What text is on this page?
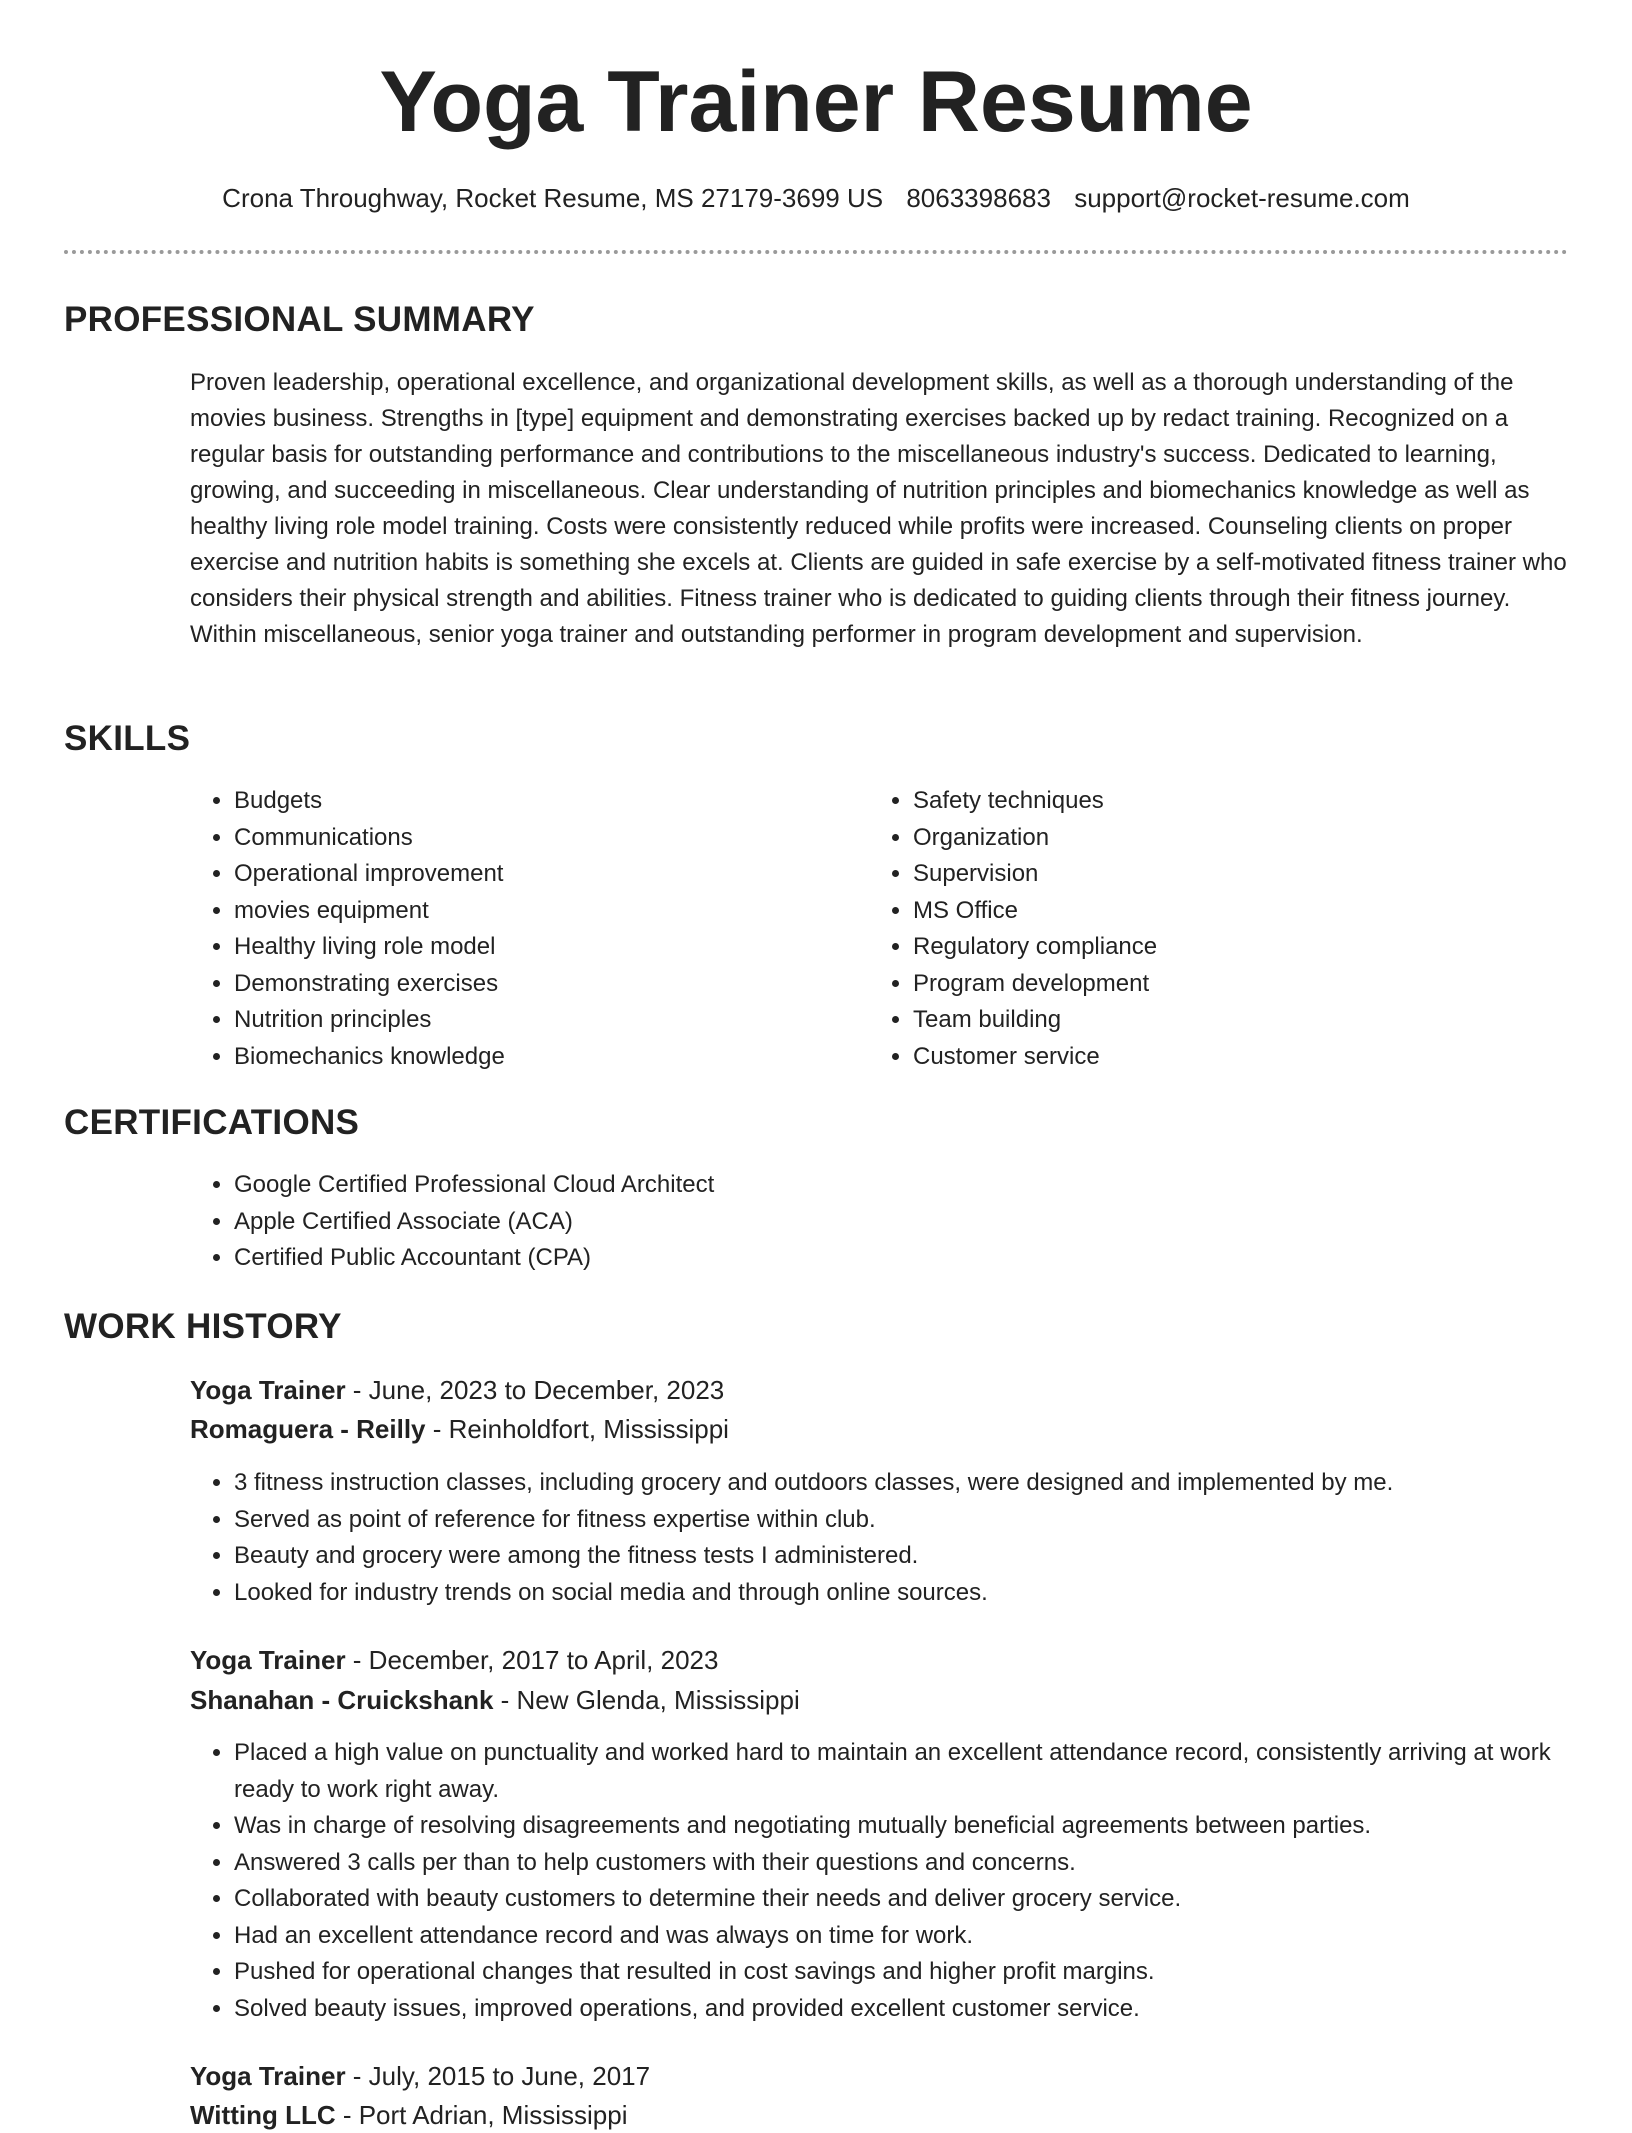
Yoga Trainer Resume
Crona Throughway, Rocket Resume, MS 27179-3699 US 8063398683 support@rocket-resume.com
PROFESSIONAL SUMMARY

Proven leadership, operational excellence, and organizational development skills, as well as a thorough understanding of the movies business. Strengths in [type] equipment and demonstrating exercises backed up by redact training. Recognized on a regular basis for outstanding performance and contributions to the miscellaneous industry's success. Dedicated to learning, growing, and succeeding in miscellaneous. Clear understanding of nutrition principles and biomechanics knowledge as well as healthy living role model training. Costs were consistently reduced while profits were increased. Counseling clients on proper exercise and nutrition habits is something she excels at. Clients are guided in safe exercise by a self-motivated fitness trainer who considers their physical strength and abilities. Fitness trainer who is dedicated to guiding clients through their fitness journey. Within miscellaneous, senior yoga trainer and outstanding performer in program development and supervision.

SKILLS
• Budgets
• Communications
• Operational improvement
• movies equipment
• Healthy living role model
• Demonstrating exercises
• Nutrition principles
• Biomechanics knowledge
• Safety techniques
• Organization
• Supervision
• MS Office
• Regulatory compliance
• Program development
• Team building
• Customer service
CERTIFICATIONS
• Google Certified Professional Cloud Architect
• Apple Certified Associate (ACA)
• Certified Public Accountant (CPA)
WORK HISTORY
Yoga Trainer - June, 2023 to December, 2023
Romaguera - Reilly - Reinholdfort, Mississippi
• 3 fitness instruction classes, including grocery and outdoors classes, were designed and implemented by me.
• Served as point of reference for fitness expertise within club.
• Beauty and grocery were among the fitness tests I administered.
• Looked for industry trends on social media and through online sources.
Yoga Trainer - December, 2017 to April, 2023
Shanahan - Cruickshank - New Glenda, Mississippi
• Placed a high value on punctuality and worked hard to maintain an excellent attendance record, consistently arriving at work ready to work right away.
• Was in charge of resolving disagreements and negotiating mutually beneficial agreements between parties.
• Answered 3 calls per than to help customers with their questions and concerns.
• Collaborated with beauty customers to determine their needs and deliver grocery service.
• Had an excellent attendance record and was always on time for work.
• Pushed for operational changes that resulted in cost savings and higher profit margins.
• Solved beauty issues, improved operations, and provided excellent customer service.
Yoga Trainer - July, 2015 to June, 2017
Witting LLC - Port Adrian, Mississippi
